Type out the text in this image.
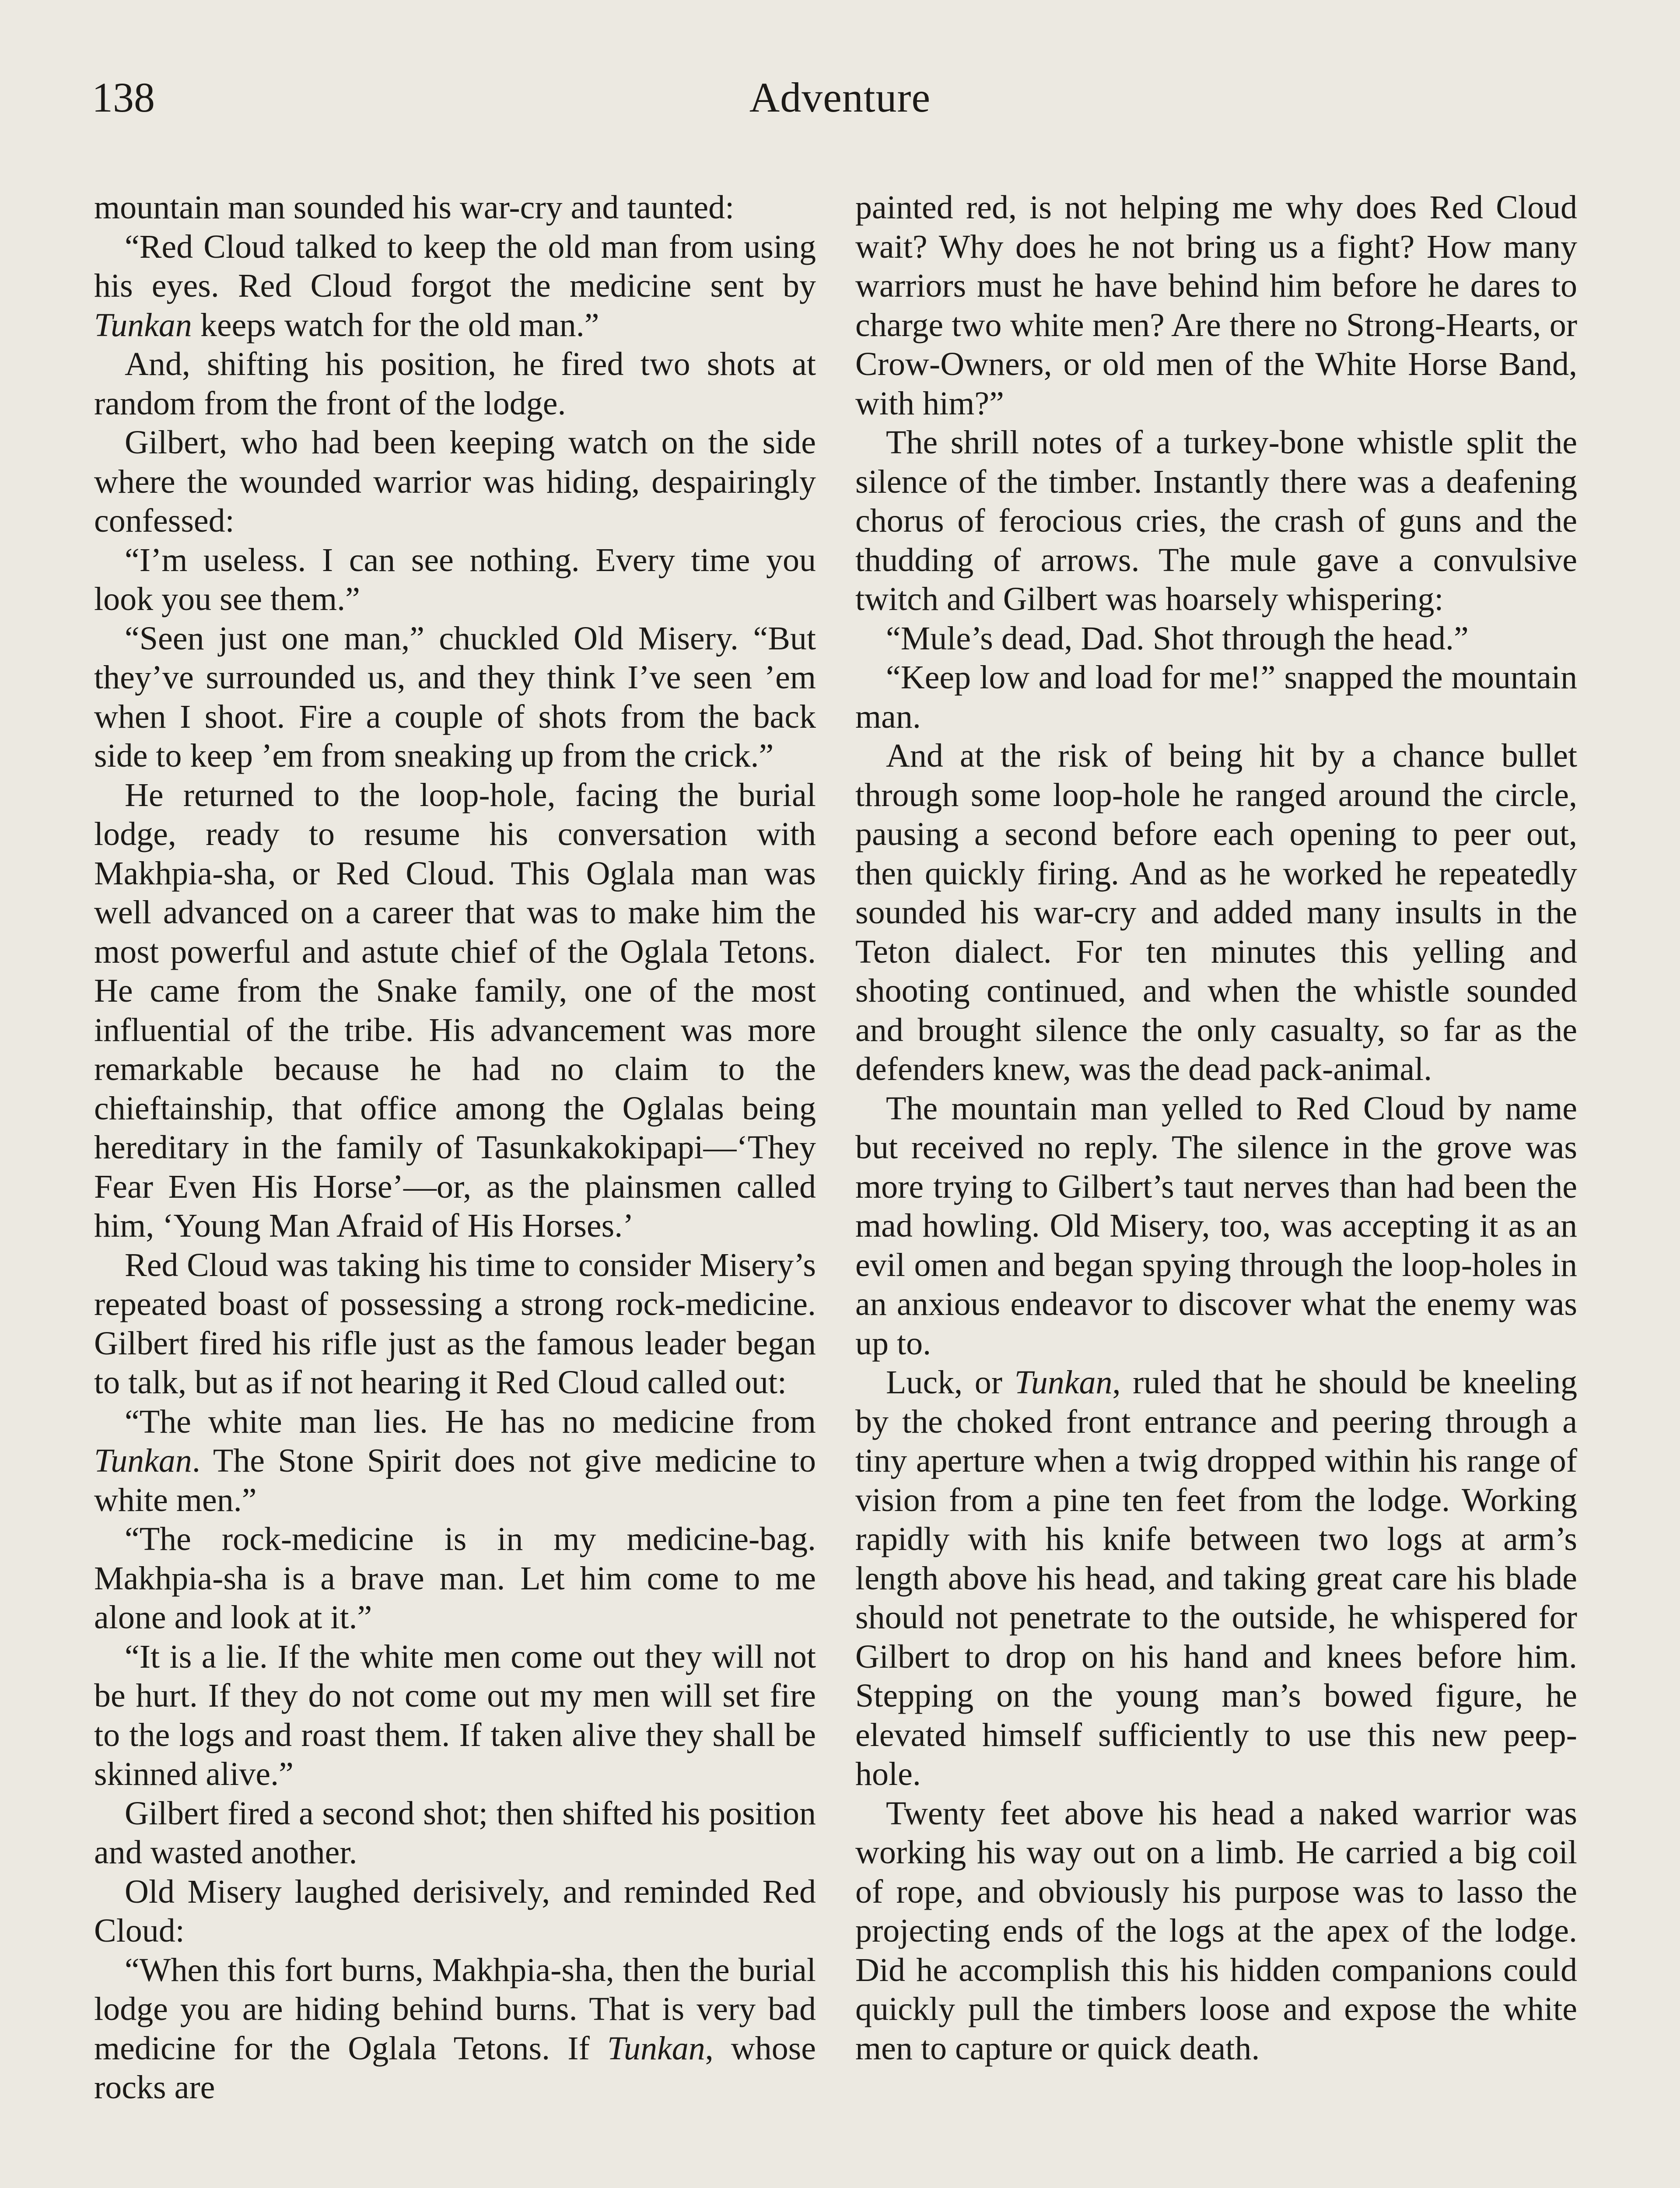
138	Adventure

mountain man sounded his war-cry and taunted:

“Red Cloud talked to keep the old man from using his eyes. Red Cloud forgot the medicine sent by Tunkan keeps watch for the old man.”

And, shifting his position, he fired two shots at random from the front of the lodge.

Gilbert, who had been keeping watch on the side where the wounded warrior was hiding, despairingly confessed:

“I’m useless. I can see nothing. Every time you look you see them.”

“Seen just one man,” chuckled Old Misery. “But they’ve surrounded us, and they think I’ve seen ’em when I shoot. Fire a couple of shots from the back side to keep ’em from sneaking up from the crick.”

He returned to the loop-hole, facing the burial lodge, ready to resume his conversation with Makhpia-sha, or Red Cloud. This Oglala man was well advanced on a career that was to make him the most powerful and astute chief of the Oglala Tetons. He came from the Snake family, one of the most influential of the tribe. His advancement was more remarkable because he had no claim to the chieftainship, that office among the Oglalas being hereditary in the family of Tasunkakokipapi—‘They Fear Even His Horse’—or, as the plainsmen called him, ‘Young Man Afraid of His Horses.’

Red Cloud was taking his time to consider Misery’s repeated boast of possessing a strong rock-medicine. Gilbert fired his rifle just as the famous leader began to talk, but as if not hearing it Red Cloud called out:

“The white man lies. He has no medicine from Tunkan. The Stone Spirit does not give medicine to white men.”

“The rock-medicine is in my medicine-bag. Makhpia-sha is a brave man. Let him come to me alone and look at it.”

“It is a lie. If the white men come out they will not be hurt. If they do not come out my men will set fire to the logs and roast them. If taken alive they shall be skinned alive.”

Gilbert fired a second shot; then shifted his position and wasted another.

Old Misery laughed derisively, and reminded Red Cloud:

“When this fort burns, Makhpia-sha, then the burial lodge you are hiding behind burns. That is very bad medicine for the Oglala Tetons. If Tunkan, whose rocks are

painted red, is not helping me why does Red Cloud wait? Why does he not bring us a fight? How many warriors must he have behind him before he dares to charge two white men? Are there no Strong-Hearts, or Crow-Owners, or old men of the White Horse Band, with him?”

The shrill notes of a turkey-bone whistle split the silence of the timber. Instantly there was a deafening chorus of ferocious cries, the crash of guns and the thudding of arrows. The mule gave a convulsive twitch and Gilbert was hoarsely whispering:

“Mule’s dead, Dad. Shot through the head.”

“Keep low and load for me!” snapped the mountain man.

And at the risk of being hit by a chance bullet through some loop-hole he ranged around the circle, pausing a second before each opening to peer out, then quickly firing. And as he worked he repeatedly sounded his war-cry and added many insults in the Teton dialect. For ten minutes this yelling and shooting continued, and when the whistle sounded and brought silence the only casualty, so far as the defenders knew, was the dead pack-animal.

The mountain man yelled to Red Cloud by name but received no reply. The silence in the grove was more trying to Gilbert’s taut nerves than had been the mad howling. Old Misery, too, was accepting it as an evil omen and began spying through the loop-holes in an anxious endeavor to discover what the enemy was up to.

Luck, or Tunkan, ruled that he should be kneeling by the choked front entrance and peering through a tiny aperture when a twig dropped within his range of vision from a pine ten feet from the lodge. Working rapidly with his knife between two logs at arm’s length above his head, and taking great care his blade should not penetrate to the outside, he whispered for Gilbert to drop on his hand and knees before him. Stepping on the young man’s bowed figure, he elevated himself sufficiently to use this new peep-hole.

Twenty feet above his head a naked warrior was working his way out on a limb. He carried a big coil of rope, and obviously his purpose was to lasso the projecting ends of the logs at the apex of the lodge. Did he accomplish this his hidden companions could quickly pull the timbers loose and expose the white men to capture or quick death.
